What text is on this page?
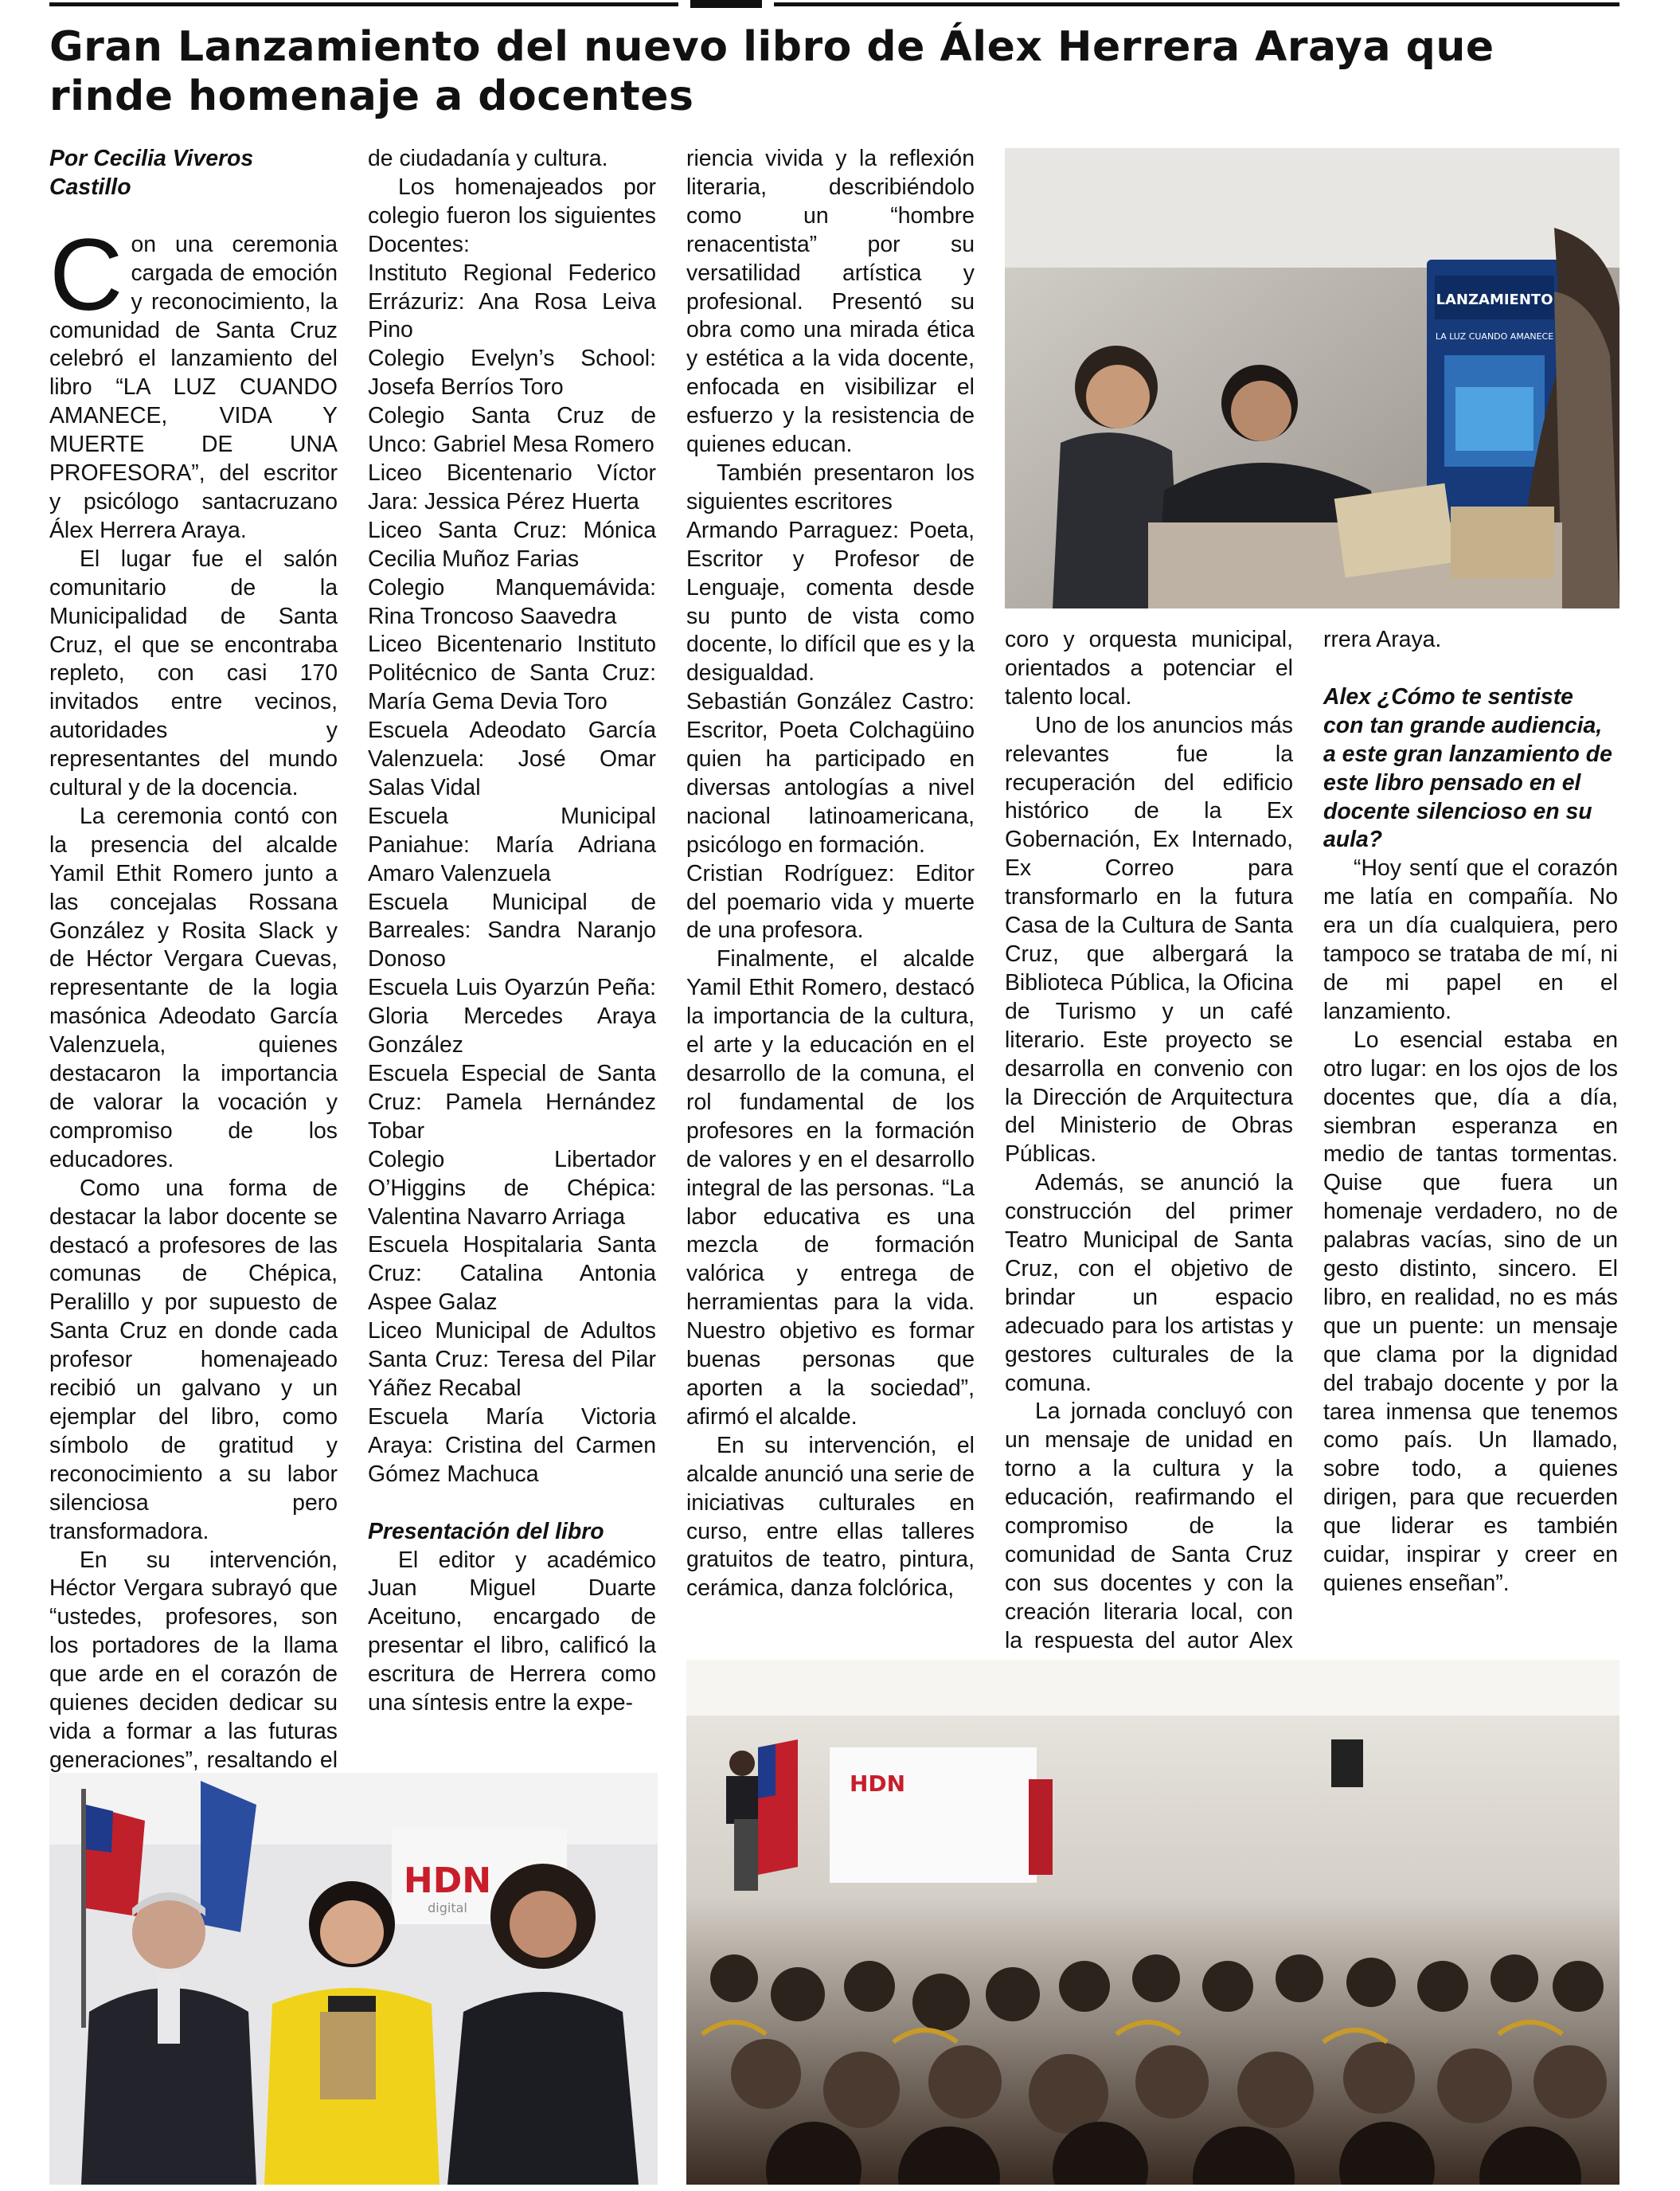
Gran Lanzamiento del nuevo libro de Álex Herrera Araya que rinde homenaje a docentes

Por Cecilia Viveros Castillo

Con una ceremonia cargada de emoción y reconocimiento, la comunidad de Santa Cruz celebró el lanzamiento del libro “LA LUZ CUANDO AMANECE, VIDA Y MUERTE DE UNA PROFESORA”, del escritor y psicólogo santacruzano Álex Herrera Araya.

El lugar fue el salón comunitario de la Municipalidad de Santa Cruz, el que se encontraba repleto, con casi 170 invitados entre vecinos, autoridades y representantes del mundo cultural y de la docencia.

La ceremonia contó con la presencia del alcalde Yamil Ethit Romero junto a las concejalas Rossana González y Rosita Slack y de Héctor Vergara Cuevas, representante de la logia masónica Adeodato García Valenzuela, quienes destacaron la importancia de valorar la vocación y compromiso de los educadores.

Como una forma de destacar la labor docente se destacó a profesores de las comunas de Chépica, Peralillo y por supuesto de Santa Cruz en donde cada profesor homenajeado recibió un galvano y un ejemplar del libro, como símbolo de gratitud y reconocimiento a su labor silenciosa pero transformadora.

En su intervención, Héctor Vergara subrayó que “ustedes, profesores, son los portadores de la llama que arde en el corazón de quienes deciden dedicar su vida a formar a las futuras generaciones”, resaltando el

de ciudadanía y cultura.

Los homenajeados por colegio fueron los siguientes Docentes:

Instituto Regional Federico Errázuriz: Ana Rosa Leiva Pino

Colegio Evelyn’s School: Josefa Berríos Toro

Colegio Santa Cruz de Unco: Gabriel Mesa Romero

Liceo Bicentenario Víctor Jara: Jessica Pérez Huerta

Liceo Santa Cruz: Mónica Cecilia Muñoz Farias

Colegio Manquemávida: Rina Troncoso Saavedra

Liceo Bicentenario Instituto Politécnico de Santa Cruz: María Gema Devia Toro

Escuela Adeodato García Valenzuela: José Omar Salas Vidal

Escuela Municipal Paniahue: María Adriana Amaro Valenzuela

Escuela Municipal de Barreales: Sandra Naranjo Donoso

Escuela Luis Oyarzún Peña: Gloria Mercedes Araya González

Escuela Especial de Santa Cruz: Pamela Hernández Tobar

Colegio Libertador O’Higgins de Chépica: Valentina Navarro Arriaga

Escuela Hospitalaria Santa Cruz: Catalina Antonia Aspee Galaz

Liceo Municipal de Adultos Santa Cruz: Teresa del Pilar Yáñez Recabal

Escuela María Victoria Araya: Cristina del Carmen Gómez Machuca

Presentación del libro

El editor y académico Juan Miguel Duarte Aceituno, encargado de presentar el libro, calificó la escritura de Herrera como una síntesis entre la expe-

riencia vivida y la reflexión literaria, describiéndolo como un “hombre renacentista” por su versatilidad artística y profesional. Presentó su obra como una mirada ética y estética a la vida docente, enfocada en visibilizar el esfuerzo y la resistencia de quienes educan.

También presentaron los siguientes escritores

Armando Parraguez: Poeta, Escritor y Profesor de Lenguaje, comenta desde su punto de vista como docente, lo difícil que es y la desigualdad.

Sebastián González Castro: Escritor, Poeta Colchagüino quien ha participado en diversas antologías a nivel nacional latinoamericana, psicólogo en formación.

Cristian Rodríguez: Editor del poemario vida y muerte de una profesora.

Finalmente, el alcalde Yamil Ethit Romero, destacó la importancia de la cultura, el arte y la educación en el desarrollo de la comuna, el rol fundamental de los profesores en la formación de valores y en el desarrollo integral de las personas. “La labor educativa es una mezcla de formación valórica y entrega de herramientas para la vida. Nuestro objetivo es formar buenas personas que aporten a la sociedad”, afirmó el alcalde.

En su intervención, el alcalde anunció una serie de iniciativas culturales en curso, entre ellas talleres gratuitos de teatro, pintura, cerámica, danza folclórica,

coro y orquesta municipal, orientados a potenciar el talento local.

Uno de los anuncios más relevantes fue la recuperación del edificio histórico de la Ex Gobernación, Ex Internado, Ex Correo para transformarlo en la futura Casa de la Cultura de Santa Cruz, que albergará la Biblioteca Pública, la Oficina de Turismo y un café literario. Este proyecto se desarrolla en convenio con la Dirección de Arquitectura del Ministerio de Obras Públicas.

Además, se anunció la construcción del primer Teatro Municipal de Santa Cruz, con el objetivo de brindar un espacio adecuado para los artistas y gestores culturales de la comuna.

La jornada concluyó con un mensaje de unidad en torno a la cultura y la educación, reafirmando el compromiso de la comunidad de Santa Cruz con sus docentes y con la creación literaria local, con la respuesta del autor Alex

rrera Araya.

Alex ¿Cómo te sentiste con tan grande audiencia, a este gran lanzamiento de este libro pensado en el docente silencioso en su aula?

“Hoy sentí que el corazón me latía en compañía. No era un día cualquiera, pero tampoco se trataba de mí, ni de mi papel en el lanzamiento.

Lo esencial estaba en otro lugar: en los ojos de los docentes que, día a día, siembran esperanza en medio de tantas tormentas. Quise que fuera un homenaje verdadero, no de palabras vacías, sino de un gesto distinto, sincero. El libro, en realidad, no es más que un puente: un mensaje que clama por la dignidad del trabajo docente y por la tarea inmensa que tenemos como país. Un llamado, sobre todo, a quienes dirigen, para que recuerden que liderar es también cuidar, inspirar y creer en quienes enseñan”.

LANZAMIENTO
LA LUZ CUANDO AMANECE
HDN
digital
HDN
